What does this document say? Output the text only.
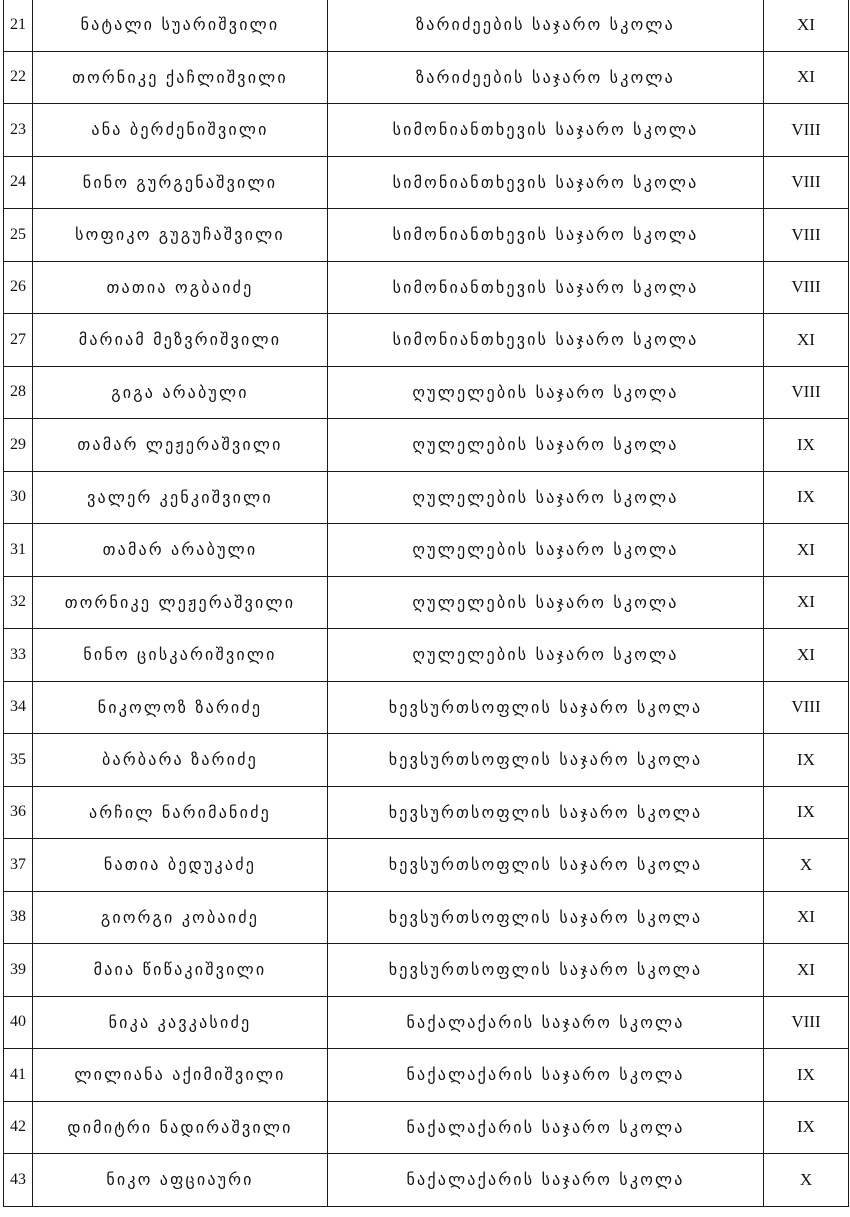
21	ნატალი სუარიშვილი	ზარიძეების საჯარო სკოლა	XI
22	თორნიკე ქაჩლიშვილი	ზარიძეების საჯარო სკოლა	XI
23	ანა ბერძენიშვილი	სიმონიანთხევის საჯარო სკოლა	VIII
24	ნინო გურგენაშვილი	სიმონიანთხევის საჯარო სკოლა	VIII
25	სოფიკო გუგუჩაშვილი	სიმონიანთხევის საჯარო სკოლა	VIII
26	თათია ოგბაიძე	სიმონიანთხევის საჯარო სკოლა	VIII
27	მარიამ მეზვრიშვილი	სიმონიანთხევის საჯარო სკოლა	XI
28	გიგა არაბული	ღულელების საჯარო სკოლა	VIII
29	თამარ ლეჟერაშვილი	ღულელების საჯარო სკოლა	IX
30	ვალერ კენკიშვილი	ღულელების საჯარო სკოლა	IX
31	თამარ არაბული	ღულელების საჯარო სკოლა	XI
32	თორნიკე ლეჟერაშვილი	ღულელების საჯარო სკოლა	XI
33	ნინო ცისკარიშვილი	ღულელების საჯარო სკოლა	XI
34	ნიკოლოზ ზარიძე	ხევსურთსოფლის საჯარო სკოლა	VIII
35	ბარბარა ზარიძე	ხევსურთსოფლის საჯარო სკოლა	IX
36	არჩილ ნარიმანიძე	ხევსურთსოფლის საჯარო სკოლა	IX
37	ნათია ბედუკაძე	ხევსურთსოფლის საჯარო სკოლა	X
38	გიორგი კობაიძე	ხევსურთსოფლის საჯარო სკოლა	XI
39	მაია წიწაკიშვილი	ხევსურთსოფლის საჯარო სკოლა	XI
40	ნიკა კავკასიძე	ნაქალაქარის საჯარო სკოლა	VIII
41	ლილიანა აქიმიშვილი	ნაქალაქარის საჯარო სკოლა	IX
42	დიმიტრი ნადირაშვილი	ნაქალაქარის საჯარო სკოლა	IX
43	ნიკო აფციაური	ნაქალაქარის საჯარო სკოლა	X
